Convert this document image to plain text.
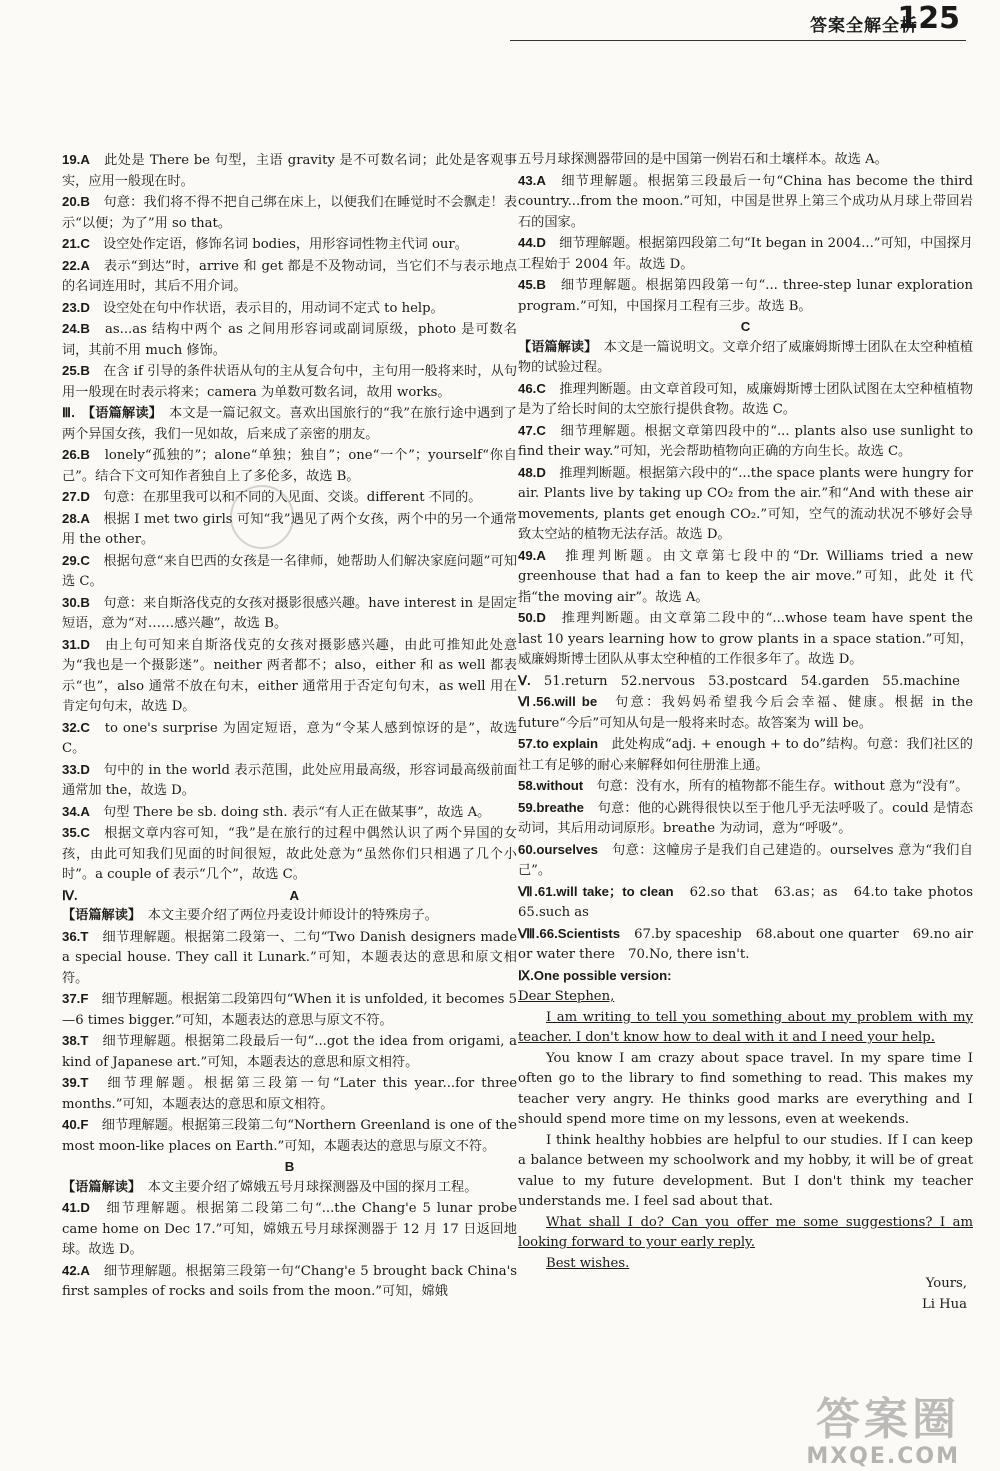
答案全解全析
125

19.A　 此处是 There be 句型，主语 gravity 是不可数名词；此处是客观事实，应用一般现在时。

20.B　 句意：我们将不得不把自己绑在床上，以便我们在睡觉时不会飘走！表示“以便；为了”用 so that。

21.C　 设空处作定语，修饰名词 bodies，用形容词性物主代词 our。

22.A　 表示“到达”时，arrive 和 get 都是不及物动词，当它们不与表示地点的名词连用时，其后不用介词。

23.D　 设空处在句中作状语，表示目的，用动词不定式 to help。

24.B　 as...as 结构中两个 as 之间用形容词或副词原级，photo 是可数名词，其前不用 much 修饰。

25.B　 在含 if 引导的条件状语从句的主从复合句中，主句用一般将来时，从句用一般现在时表示将来；camera 为单数可数名词，故用 works。

Ⅲ.　 【语篇解读】　 本文是一篇记叙文。喜欢出国旅行的“我”在旅行途中遇到了两个异国女孩，我们一见如故，后来成了亲密的朋友。

26.B　 lonely“孤独的”；alone“单独；独自”；one“一个”；yourself“你自己”。结合下文可知作者独自上了多伦多，故选 B。

27.D　 句意：在那里我可以和不同的人见面、交谈。different 不同的。

28.A　 根据 I met two girls 可知“我”遇见了两个女孩，两个中的另一个通常用 the other。

29.C　 根据句意“来自巴西的女孩是一名律师，她帮助人们解决家庭问题”可知选 C。

30.B　 句意：来自斯洛伐克的女孩对摄影很感兴趣。have interest in 是固定短语，意为“对……感兴趣”，故选 B。

31.D　 由上句可知来自斯洛伐克的女孩对摄影感兴趣，由此可推知此处意为“我也是一个摄影迷”。neither 两者都不；also，either 和 as well 都表示“也”，also 通常不放在句末，either 通常用于否定句句末，as well 用在肯定句句末，故选 D。

32.C　 to one's surprise 为固定短语，意为“令某人感到惊讶的是”，故选 C。

33.D　 句中的 in the world 表示范围，此处应用最高级，形容词最高级前面通常加 the，故选 D。

34.A　 句型 There be sb. doing sth. 表示“有人正在做某事”，故选 A。

35.C　 根据文章内容可知，“我”是在旅行的过程中偶然认识了两个异国的女孩，由此可知我们见面的时间很短，故此处意为“虽然你们只相遇了几个小时”。a couple of 表示“几个”，故选 C。

Ⅳ.	A

【语篇解读】　 本文主要介绍了两位丹麦设计师设计的特殊房子。

36.T　 细节理解题。根据第二段第一、二句“Two Danish designers made a special house. They call it Lunark.”可知，本题表达的意思和原文相符。

37.F　 细节理解题。根据第二段第四句“When it is unfolded, it becomes 5—6 times bigger.”可知，本题表达的意思与原文不符。

38.T　 细节理解题。根据第二段最后一句“...got the idea from origami, a kind of Japanese art.”可知，本题表达的意思和原文相符。

39.T　 细节理解题。根据第三段第一句“Later this year...for three months.”可知，本题表达的意思和原文相符。

40.F　 细节理解题。根据第三段第二句“Northern Greenland is one of the most moon-like places on Earth.”可知，本题表达的意思与原文不符。

B

【语篇解读】　 本文主要介绍了嫦娥五号月球探测器及中国的探月工程。

41.D　 细节理解题。根据第二段第二句“...the Chang'e 5 lunar probe came home on Dec 17.”可知，嫦娥五号月球探测器于 12 月 17 日返回地球。故选 D。

42.A　 细节理解题。根据第三段第一句“Chang'e 5 brought back China's first samples of rocks and soils from the moon.”可知，嫦娥

五号月球探测器带回的是中国第一例岩石和土壤样本。故选 A。

43.A　 细节理解题。根据第三段最后一句“China has become the third country...from the moon.”可知，中国是世界上第三个成功从月球上带回岩石的国家。

44.D　 细节理解题。根据第四段第二句“It began in 2004...”可知，中国探月工程始于 2004 年。故选 D。

45.B　 细节理解题。根据第四段第一句“... three-step lunar exploration program.”可知，中国探月工程有三步。故选 B。

C

【语篇解读】　 本文是一篇说明文。文章介绍了威廉姆斯博士团队在太空种植植物的试验过程。

46.C　 推理判断题。由文章首段可知，威廉姆斯博士团队试图在太空种植植物是为了给长时间的太空旅行提供食物。故选 C。

47.C　 细节理解题。根据文章第四段中的“... plants also use sunlight to find their way.”可知，光会帮助植物向正确的方向生长。故选 C。

48.D　 推理判断题。根据第六段中的“...the space plants were hungry for air. Plants live by taking up CO₂ from the air.”和“And with these air movements, plants get enough CO₂.”可知，空气的流动状况不够好会导致太空站的植物无法存活。故选 D。

49.A　 推理判断题。由文章第七段中的“Dr. Williams tried a new greenhouse that had a fan to keep the air move.”可知，此处 it 代指“the moving air”。故选 A。

50.D　 推理判断题。由文章第二段中的“...whose team have spent the last 10 years learning how to grow plants in a space station.”可知，威廉姆斯博士团队从事太空种植的工作很多年了。故选 D。

Ⅴ.　 51.return　52.nervous　53.postcard　54.garden　55.machine

Ⅵ.56.will be　 句意：我妈妈希望我今后会幸福、健康。根据 in the future“今后”可知从句是一般将来时态。故答案为 will be。

57.to explain　 此处构成“adj. + enough + to do”结构。句意：我们社区的社工有足够的耐心来解释如何往册淮上通。

58.without　 句意：没有水，所有的植物都不能生存。without 意为“没有”。

59.breathe　 句意：他的心跳得很快以至于他几乎无法呼吸了。could 是情态动词，其后用动词原形。breathe 为动词，意为“呼吸”。

60.ourselves　 句意：这幢房子是我们自己建造的。ourselves 意为“我们自己”。

Ⅶ.61.will take；to clean　 62.so that　63.as；as　64.to take photos　65.such as

Ⅷ.66.Scientists　 67.by spaceship　68.about one quarter　69.no air or water there　70.No, there isn't.

Ⅸ.One possible version:　

Dear Stephen,

I am writing to tell you something about my problem with my teacher. I don't know how to deal with it and I need your help.

You know I am crazy about space travel. In my spare time I often go to the library to find something to read. This makes my teacher very angry. He thinks good marks are everything and I should spend more time on my lessons, even at weekends.

I think healthy hobbies are helpful to our studies. If I can keep a balance between my schoolwork and my hobby, it will be of great value to my future development. But I don't think my teacher understands me. I feel sad about that.

What shall I do? Can you offer me some suggestions? I am looking forward to your early reply.

Best wishes.

Yours,

Li Hua

答案圈
MXQE.COM
